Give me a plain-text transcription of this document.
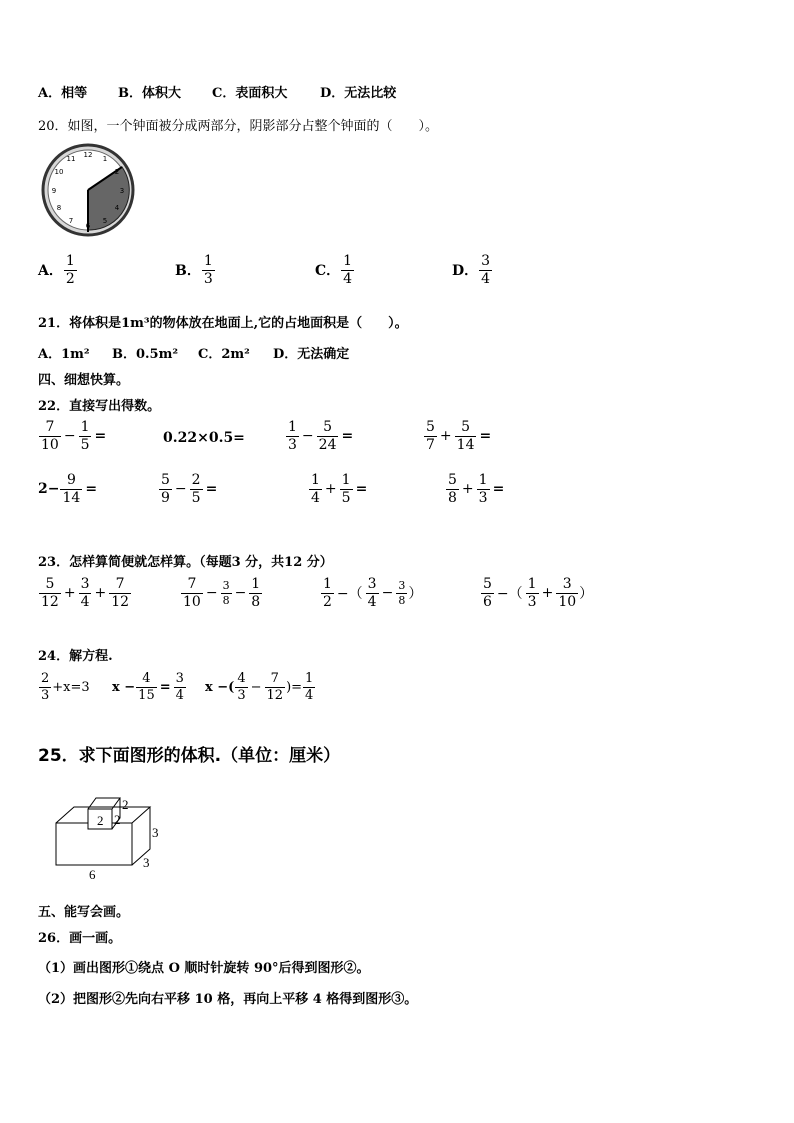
A．相等 B．体积大 C．表面积大	D．无法比较
20．如图，一个钟面被分成两部分，阴影部分占整个钟面的（　　）。
12 1
2
3
4
5
6
7
8
9
10
11
A． $\frac{1}{2}$	B． $\frac{1}{3}$	C． $\frac{1}{4}$	D． $\frac{3}{4}$
21．将体积是1m³的物体放在地面上,它的占地面积是（　　）。
A．1m² B．0.5m² C．2m² D．无法确定
四、细想快算。
22．直接写出得数。
$\frac{7}{10} - \frac{1}{5}$ =	0.22×0.5=	$\frac{1}{3} - \frac{5}{24}$ =	$\frac{5}{7} + \frac{5}{14}$ =
$2- \frac{9}{14}$ =	$\frac{5}{9} - \frac{2}{5}$ =	$\frac{1}{4} + \frac{1}{5}$ =	$\frac{5}{8} + \frac{1}{3}$ =
23．怎样算简便就怎样算。（每题3 分，共12 分）
$\frac{5}{12} + \frac{3}{4} + \frac{7}{12}$	$\frac{7}{10} - \frac{3}{8} - \frac{1}{8}$	$\frac{1}{2}$ −（ $\frac{3}{4} - \frac{3}{8}$ ）	$\frac{5}{6}$ −（ $\frac{1}{3} + \frac{3}{10}$ ）
24．解方程.
$\frac{2}{3} +x=3$ $x - \frac{4}{15} = \frac{3}{4}$ x −( $\frac{4}{3} - \frac{7}{12}$ )= $\frac{1}{4}$
25．求下面图形的体积.（单位：厘米）
2 2
2
3
3
6
五、能写会画。
26．画一画。
（1）画出图形①绕点 O 顺时针旋转 90°后得到图形②。
（2）把图形②先向右平移 10 格，再向上平移 4 格得到图形③。
